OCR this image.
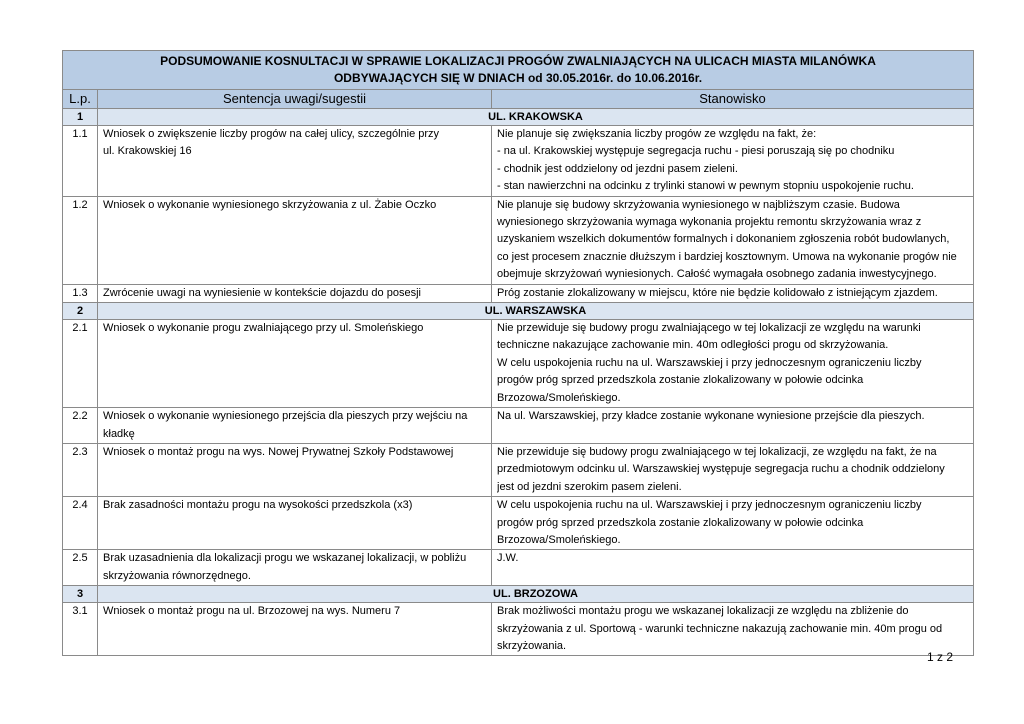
PODSUMOWANIE KOSNULTACJI W SPRAWIE LOKALIZACJI PROGÓW ZWALNIAJĄCYCH NA ULICACH MIASTA MILANÓWKA
ODBYWAJĄCYCH SIĘ W DNIACH od 30.05.2016r. do 10.06.2016r.		

L.p.	Sentencja uwagi/sugestii	Stanowisko
1	UL. KRAKOWSKA	
1.1	Wniosek o zwiększenie liczby progów na całej ulicy, szczególnie przy
ul. Krakowskiej 16	Nie planuje się zwiększania liczby progów ze względu na fakt, że:
- na ul. Krakowskiej występuje segregacja ruchu - piesi poruszają się po chodniku
- chodnik jest oddzielony od jezdni pasem zieleni.
- stan nawierzchni na odcinku z trylinki stanowi w pewnym stopniu uspokojenie ruchu.

1.2	Wniosek o wykonanie wyniesionego skrzyżowania z ul. Żabie Oczko	Nie planuje się budowy skrzyżowania wyniesionego w najbliższym czasie. Budowa
wyniesionego skrzyżowania wymaga wykonania projektu remontu skrzyżowania wraz z
uzyskaniem wszelkich dokumentów formalnych i dokonaniem zgłoszenia robót budowlanych,
co jest procesem znacznie dłuższym i bardziej kosztownym. Umowa na wykonanie progów nie
obejmuje skrzyżowań wyniesionych. Całość wymagała osobnego zadania inwestycyjnego.

1.3	Zwrócenie uwagi na wyniesienie w kontekście dojazdu do posesji	Próg zostanie zlokalizowany w miejscu, które nie będzie kolidowało z istniejącym zjazdem.

2	UL. WARSZAWSKA	
2.1	Wniosek o wykonanie progu zwalniającego przy ul. Smoleńskiego	Nie przewiduje się budowy progu zwalniającego w tej lokalizacji ze względu na warunki
techniczne nakazujące zachowanie min. 40m odległości progu od skrzyżowania.
W celu uspokojenia ruchu na ul. Warszawskiej i przy jednoczesnym ograniczeniu liczby
progów próg sprzed przedszkola zostanie zlokalizowany w połowie odcinka
Brzozowa/Smoleńskiego.

2.2	Wniosek o wykonanie wyniesionego przejścia dla pieszych przy wejściu na
kładkę	Na ul. Warszawskiej, przy kładce zostanie wykonane wyniesione przejście dla pieszych.

2.3	Wniosek o montaż progu na wys. Nowej Prywatnej Szkoły Podstawowej	Nie przewiduje się budowy progu zwalniającego w tej lokalizacji, ze względu na fakt, że na
przedmiotowym odcinku ul. Warszawskiej występuje segregacja ruchu a chodnik oddzielony
jest od jezdni szerokim pasem zieleni.

2.4	Brak zasadności montażu progu na wysokości przedszkola (x3)	W celu uspokojenia ruchu na ul. Warszawskiej i przy jednoczesnym ograniczeniu liczby
progów próg sprzed przedszkola zostanie zlokalizowany w połowie odcinka
Brzozowa/Smoleńskiego.

2.5	Brak uzasadnienia dla lokalizacji progu we wskazanej lokalizacji, w pobliżu
skrzyżowania równorzędnego.	J.W.

3	UL. BRZOZOWA	
3.1	Wniosek o montaż progu na ul. Brzozowej na wys. Numeru 7	Brak możliwości montażu progu we wskazanej lokalizacji ze względu na zbliżenie do
skrzyżowania z ul. Sportową - warunki techniczne nakazują zachowanie min. 40m progu od
skrzyżowania.
1 z 2
